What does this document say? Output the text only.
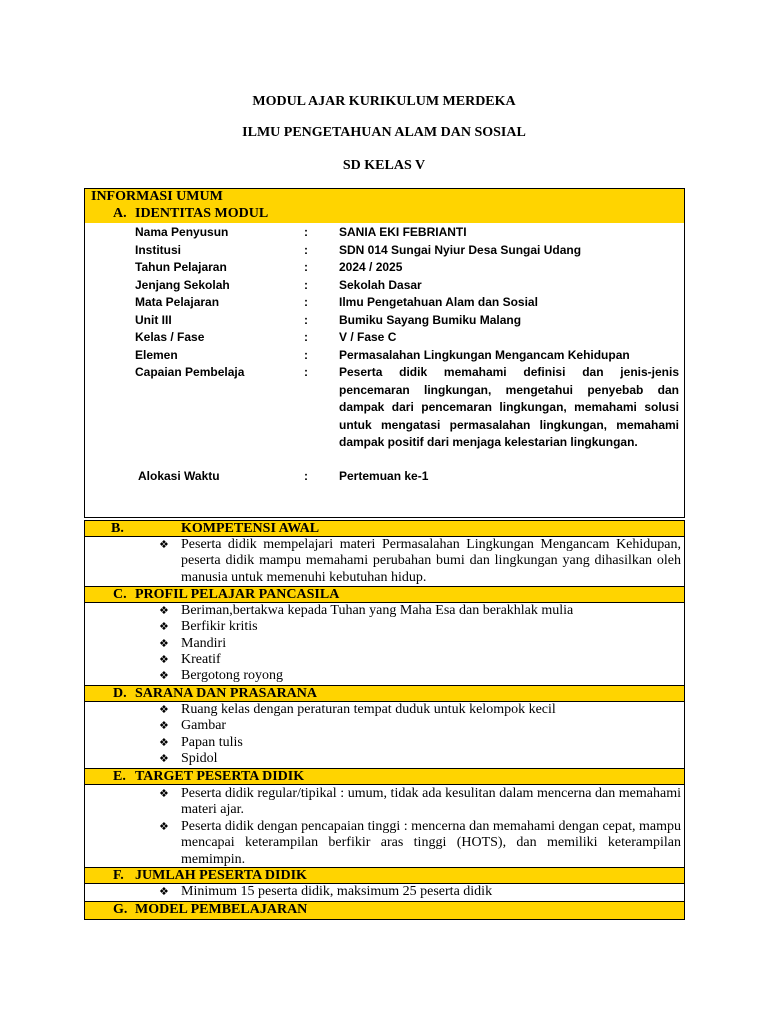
MODUL AJAR KURIKULUM MERDEKA
ILMU PENGETAHUAN ALAM DAN SOSIAL
SD KELAS V
INFORMASI UMUM
A. IDENTITAS MODUL
Nama Penyusun	:	SANIA EKI FEBRIANTI
Institusi	:	SDN 014 Sungai Nyiur Desa Sungai Udang
Tahun Pelajaran	:	2024 / 2025
Jenjang Sekolah	:	Sekolah Dasar
Mata Pelajaran	:	Ilmu Pengetahuan Alam dan Sosial
Unit III	:	Bumiku Sayang Bumiku Malang
Kelas / Fase	:	V / Fase C
Elemen	:	Permasalahan Lingkungan Mengancam Kehidupan
Capaian Pembelaja	:	Peserta didik memahami definisi dan jenis-jenis pencemaran lingkungan, mengetahui penyebab dan dampak dari pencemaran lingkungan, memahami solusi untuk mengatasi permasalahan lingkungan, memahami dampak positif dari menjaga kelestarian lingkungan.
Alokasi Waktu	:	Pertemuan ke-1
B.	KOMPETENSI AWAL
❖ Peserta didik mempelajari materi Permasalahan Lingkungan Mengancam Kehidupan, peserta didik mampu memahami perubahan bumi dan lingkungan yang dihasilkan oleh manusia untuk memenuhi kebutuhan hidup.
C. PROFIL PELAJAR PANCASILA
❖ Beriman,bertakwa kepada Tuhan yang Maha Esa dan berakhlak mulia
❖ Berfikir kritis
❖ Mandiri
❖ Kreatif
❖ Bergotong royong
D. SARANA DAN PRASARANA
❖ Ruang kelas dengan peraturan tempat duduk untuk kelompok kecil
❖ Gambar
❖ Papan tulis
❖ Spidol
E. TARGET PESERTA DIDIK
❖ Peserta didik regular/tipikal : umum, tidak ada kesulitan dalam mencerna dan memahami materi ajar.
❖ Peserta didik dengan pencapaian tinggi : mencerna dan memahami dengan cepat, mampu mencapai keterampilan berfikir aras tinggi (HOTS), dan memiliki keterampilan memimpin.
F. JUMLAH PESERTA DIDIK
❖ Minimum 15 peserta didik, maksimum 25 peserta didik
G. MODEL PEMBELAJARAN
